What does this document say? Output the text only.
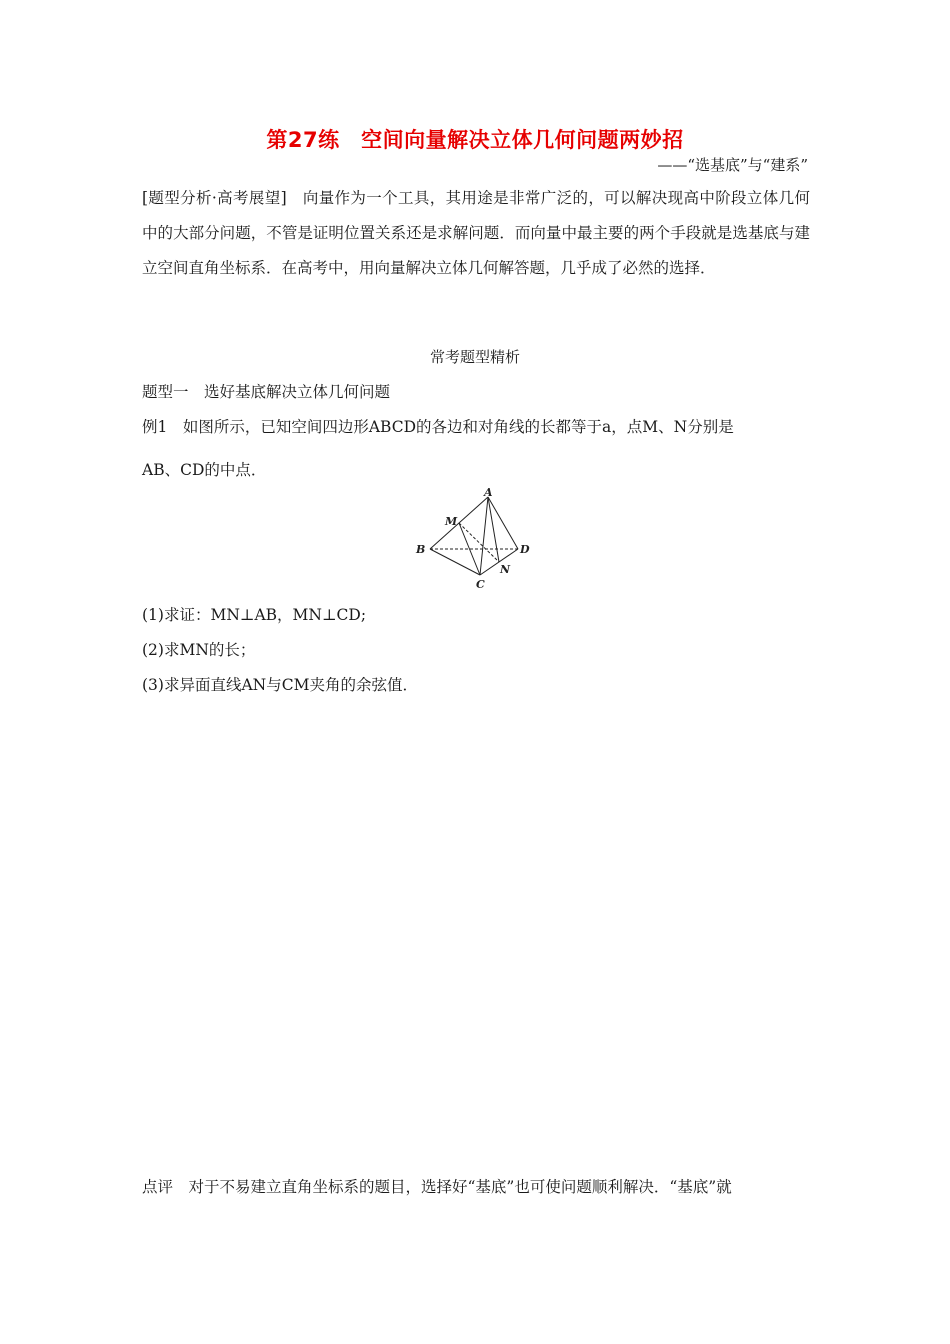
第27练　空间向量解决立体几何问题两妙招
——“选基底”与“建系”
[题型分析·高考展望]　向量作为一个工具，其用途是非常广泛的，可以解决现高中阶段立体几何中的大部分问题，不管是证明位置关系还是求解问题．而向量中最主要的两个手段就是选基底与建立空间直角坐标系．在高考中，用向量解决立体几何解答题，几乎成了必然的选择．
常考题型精析
题型一　选好基底解决立体几何问题
例1　如图所示，已知空间四边形ABCD的各边和对角线的长都等于a，点M、N分别是
AB、CD的中点．
A
B
C
D
M
N
(1)求证：MN⊥AB，MN⊥CD;
(2)求MN的长；
(3)求异面直线AN与CM夹角的余弦值．
点评　对于不易建立直角坐标系的题目，选择好“基底”也可使问题顺利解决．“基底”就
